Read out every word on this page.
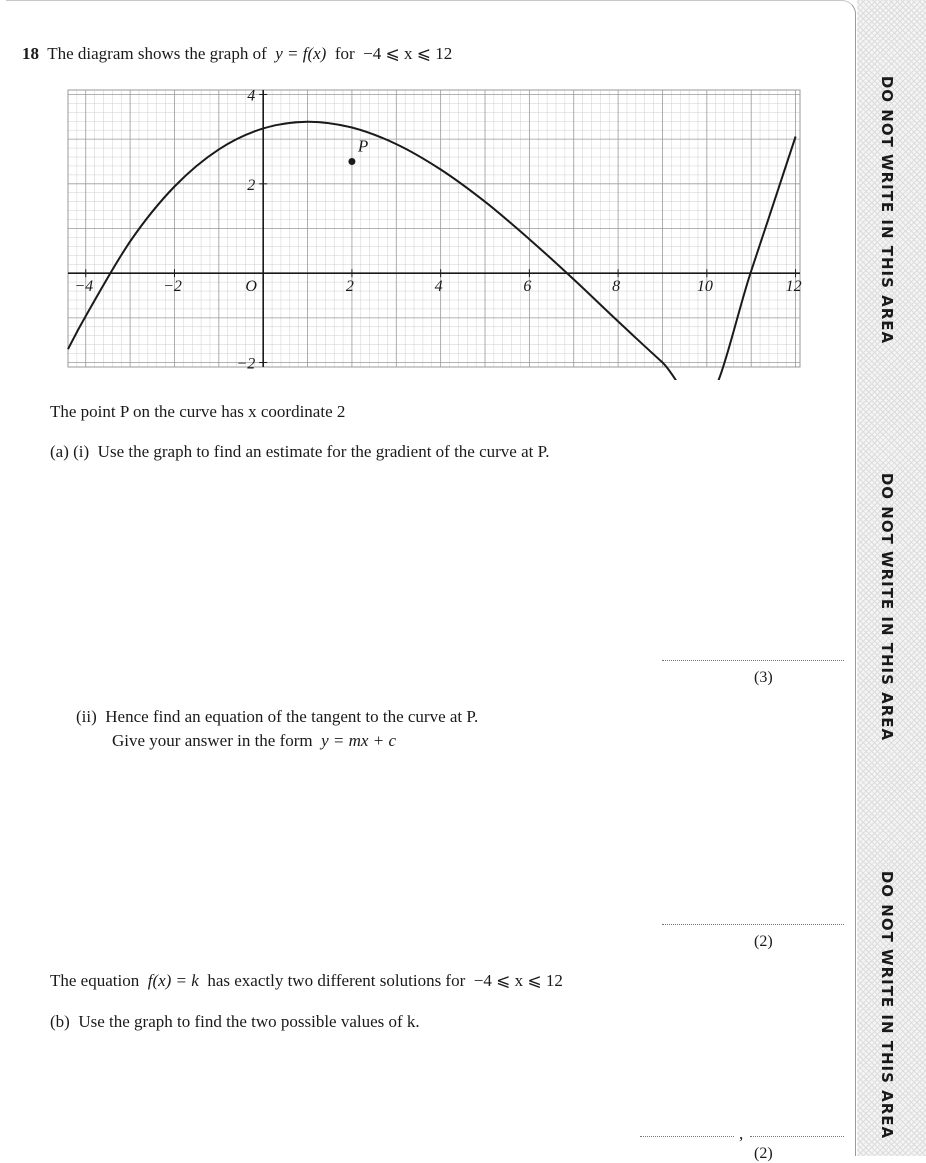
DO NOT WRITE IN THIS AREA
DO NOT WRITE IN THIS AREA
DO NOT WRITE IN THIS AREA
18 The diagram shows the graph of y = f(x) for −4 ⩽ x ⩽ 12
−4	−2	O	2	4	6	8	10	12
−2
2
4
P
The point P on the curve has x coordinate 2
(a) (i) Use the graph to find an estimate for the gradient of the curve at P.
(3)
(ii) Hence find an equation of the tangent to the curve at P.
Give your answer in the form y = mx + c
(2)
The equation f(x) = k has exactly two different solutions for −4 ⩽ x ⩽ 12
(b) Use the graph to find the two possible values of k.
,
(2)
